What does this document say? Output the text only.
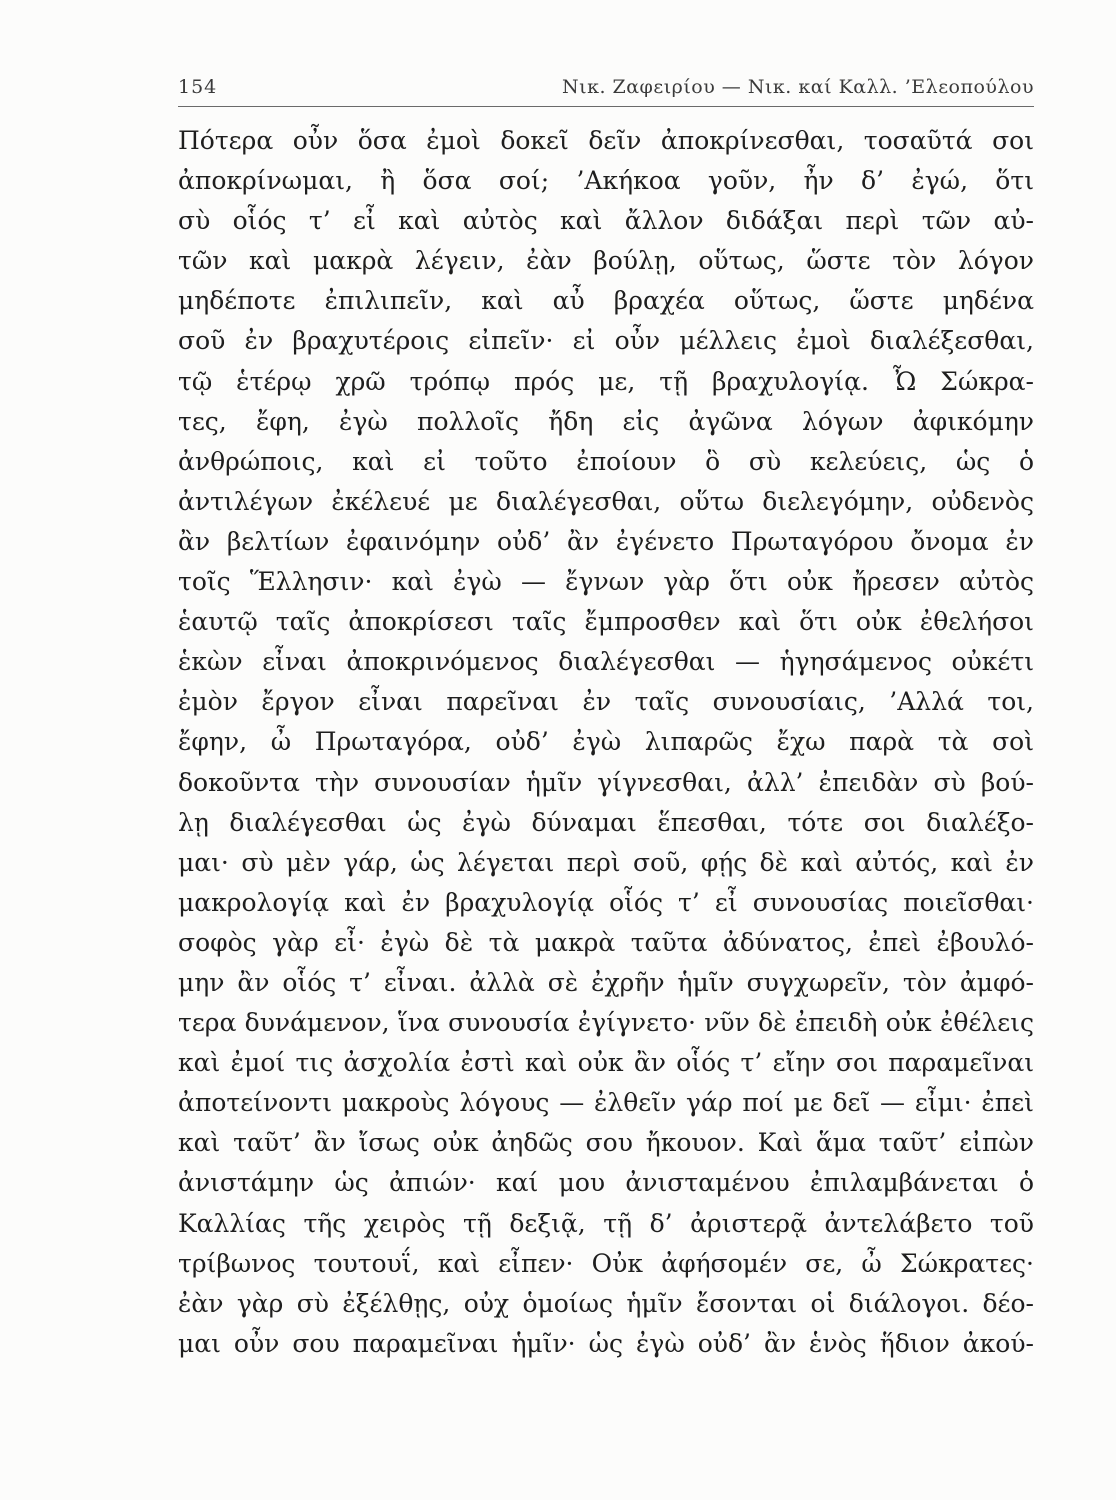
154	Νικ. Ζαφειρίου — Νικ. καί Καλλ. ’Ελεοπούλου
Πότερα οὖν ὅσα ἐμοὶ δοκεῖ δεῖν ἀποκρίνεσθαι, τοσαῦτά σοι
ἀποκρίνωμαι, ἢ ὅσα σοί; ’Ακήκοα γοῦν, ἦν δ’ ἐγώ, ὅτι
σὺ οἷός τ’ εἶ καὶ αὐτὸς καὶ ἄλλον διδάξαι περὶ τῶν αὐ-
τῶν καὶ μακρὰ λέγειν, ἐὰν βούλῃ, οὕτως, ὥστε τὸν λόγον
μηδέποτε ἐπιλιπεῖν, καὶ αὖ βραχέα οὕτως, ὥστε μηδένα
σοῦ ἐν βραχυτέροις εἰπεῖν· εἰ οὖν μέλλεις ἐμοὶ διαλέξεσθαι,
τῷ ἑτέρῳ χρῶ τρόπῳ πρός με, τῇ βραχυλογίᾳ. Ὦ Σώκρα-
τες, ἔφη, ἐγὼ πολλοῖς ἤδη εἰς ἀγῶνα λόγων ἀφικόμην
ἀνθρώποις, καὶ εἰ τοῦτο ἐποίουν ὃ σὺ κελεύεις, ὡς ὁ
ἀντιλέγων ἐκέλευέ με διαλέγεσθαι, οὕτω διελεγόμην, οὐδενὸς
ἂν βελτίων ἐφαινόμην οὐδ’ ἂν ἐγένετο Πρωταγόρου ὄνομα ἐν
τοῖς Ἕλλησιν· καὶ ἐγὼ — ἔγνων γὰρ ὅτι οὐκ ἤρεσεν αὐτὸς
ἑαυτῷ ταῖς ἀποκρίσεσι ταῖς ἔμπροσθεν καὶ ὅτι οὐκ ἐθελήσοι
ἑκὼν εἶναι ἀποκρινόμενος διαλέγεσθαι — ἡγησάμενος οὐκέτι
ἐμὸν ἔργον εἶναι παρεῖναι ἐν ταῖς συνουσίαις, ’Αλλά τοι,
ἔφην, ὦ Πρωταγόρα, οὐδ’ ἐγὼ λιπαρῶς ἔχω παρὰ τὰ σοὶ
δοκοῦντα τὴν συνουσίαν ἡμῖν γίγνεσθαι, ἀλλ’ ἐπειδὰν σὺ βού-
λῃ διαλέγεσθαι ὡς ἐγὼ δύναμαι ἕπεσθαι, τότε σοι διαλέξο-
μαι· σὺ μὲν γάρ, ὡς λέγεται περὶ σοῦ, φῄς δὲ καὶ αὐτός, καὶ ἐν
μακρολογίᾳ καὶ ἐν βραχυλογίᾳ οἷός τ’ εἶ συνουσίας ποιεῖσθαι·
σοφὸς γὰρ εἶ· ἐγὼ δὲ τὰ μακρὰ ταῦτα ἀδύνατος, ἐπεὶ ἐβουλό-
μην ἂν οἷός τ’ εἶναι. ἀλλὰ σὲ ἐχρῆν ἡμῖν συγχωρεῖν, τὸν ἀμφό-
τερα δυνάμενον, ἵνα συνουσία ἐγίγνετο· νῦν δὲ ἐπειδὴ οὐκ ἐθέλεις
καὶ ἐμοί τις ἀσχολία ἐστὶ καὶ οὐκ ἂν οἷός τ’ εἴην σοι παραμεῖναι
ἀποτείνοντι μακροὺς λόγους — ἐλθεῖν γάρ ποί με δεῖ — εἶμι· ἐπεὶ
καὶ ταῦτ’ ἂν ἴσως οὐκ ἀηδῶς σου ἤκουον. Καὶ ἅμα ταῦτ’ εἰπὼν
ἀνιστάμην ὡς ἀπιών· καί μου ἀνισταμένου ἐπιλαμβάνεται ὁ
Καλλίας τῆς χειρὸς τῇ δεξιᾷ, τῇ δ’ ἀριστερᾷ ἀντελάβετο τοῦ
τρίβωνος τουτουΐ, καὶ εἶπεν· Οὐκ ἀφήσομέν σε, ὦ Σώκρατες·
ἐὰν γὰρ σὺ ἐξέλθῃς, οὐχ ὁμοίως ἡμῖν ἔσονται οἱ διάλογοι. δέο-
μαι οὖν σου παραμεῖναι ἡμῖν· ὡς ἐγὼ οὐδ’ ἂν ἑνὸς ἥδιον ἀκού-
